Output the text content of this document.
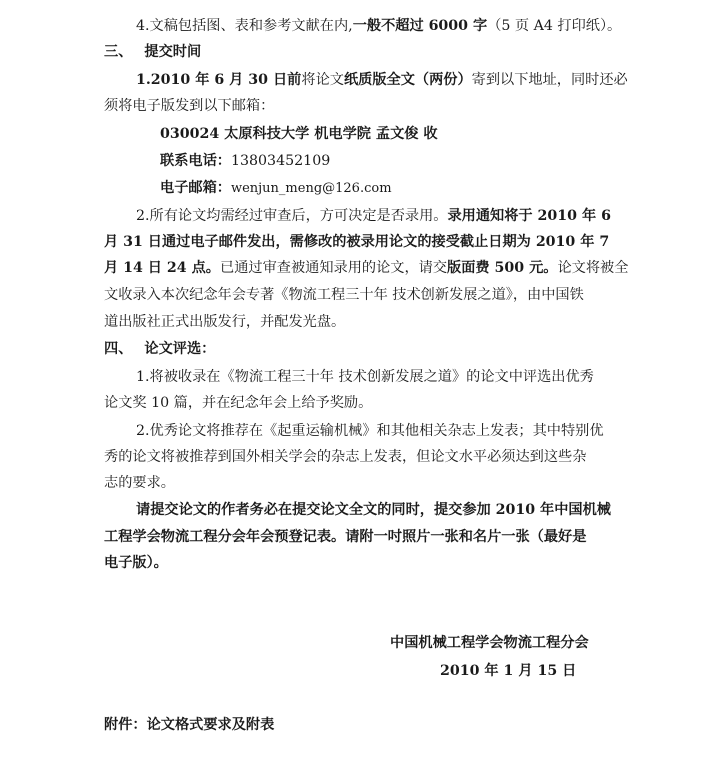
4.文稿包括图、表和参考文献在内,一般不超过 6000 字（5 页 A4 打印纸）。
三、 提交时间
1.2010 年 6 月 30 日前将论文纸质版全文（两份）寄到以下地址，同时还必
须将电子版发到以下邮箱：
030024 太原科技大学 机电学院 孟文俊 收
联系电话：13803452109
电子邮箱：wenjun_meng@126.com
2.所有论文均需经过审查后，方可决定是否录用。录用通知将于 2010 年 6
月 31 日通过电子邮件发出，需修改的被录用论文的接受截止日期为 2010 年 7
月 14 日 24 点。已通过审查被通知录用的论文，请交版面费 500 元。论文将被全
文收录入本次纪念年会专著《物流工程三十年 技术创新发展之道》，由中国铁
道出版社正式出版发行，并配发光盘。
四、 论文评选：
1.将被收录在《物流工程三十年 技术创新发展之道》的论文中评选出优秀
论文奖 10 篇，并在纪念年会上给予奖励。
2.优秀论文将推荐在《起重运输机械》和其他相关杂志上发表；其中特别优
秀的论文将被推荐到国外相关学会的杂志上发表，但论文水平必须达到这些杂
志的要求。
请提交论文的作者务必在提交论文全文的同时，提交参加 2010 年中国机械
工程学会物流工程分会年会预登记表。请附一吋照片一张和名片一张（最好是
电子版）。
中国机械工程学会物流工程分会
2010 年 1 月 15 日
附件：论文格式要求及附表
